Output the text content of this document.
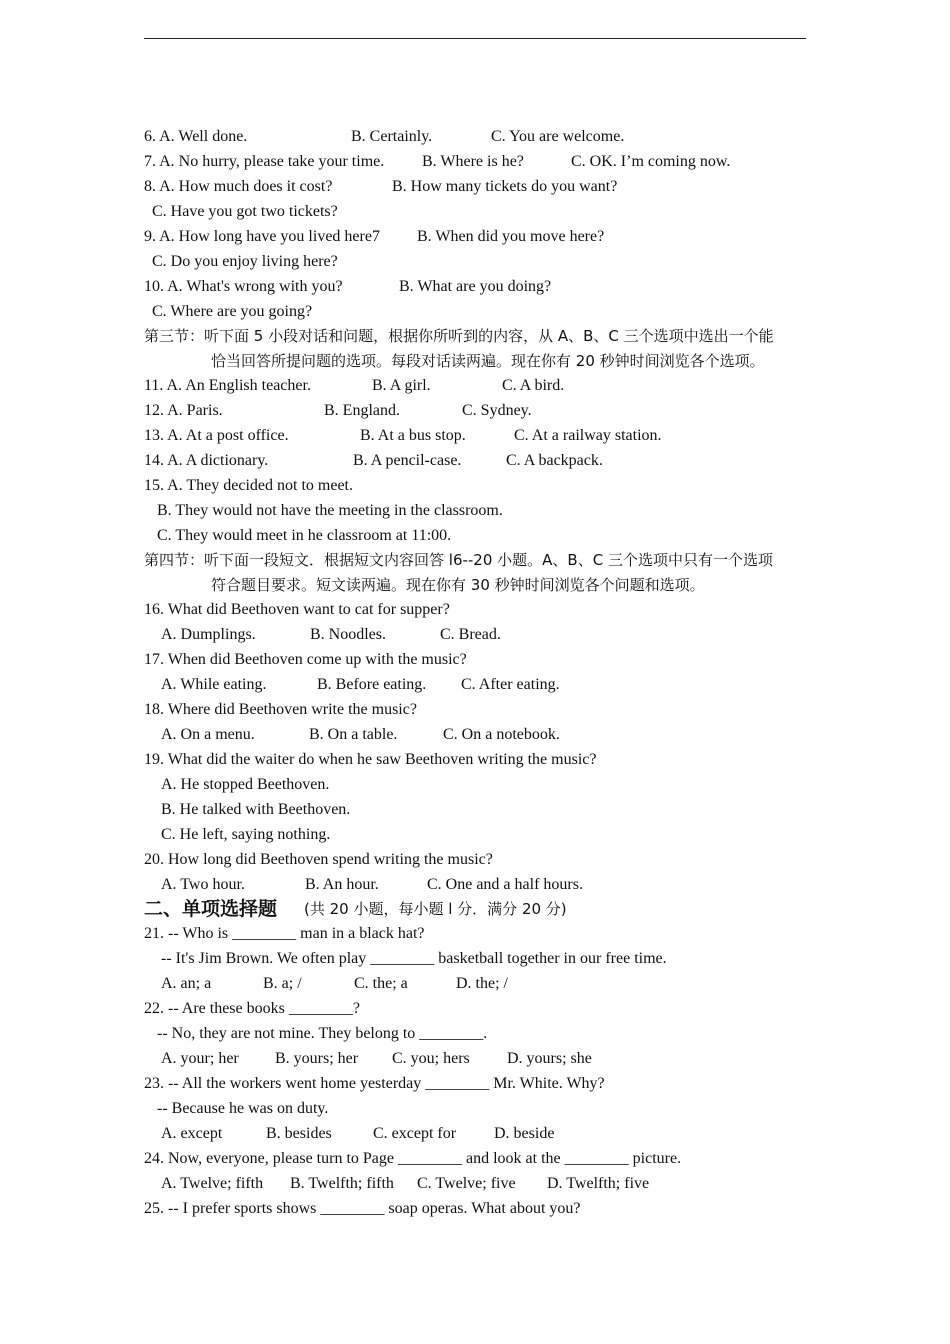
6. A. Well done.	B. Certainly.	C. You are welcome.
7. A. No hurry, please take your time. B. Where is he?	C. OK. I’m coming now.
8. A. How much does it cost?	B. How many tickets do you want?
C. Have you got two tickets?
9. A. How long have you lived here7 B. When did you move here?
C. Do you enjoy living here?
10. A. What's wrong with you?	B. What are you doing?
C. Where are you going?
11. A. An English teacher.	B. A girl.	C. A bird.
12. A. Paris.	B. England.	C. Sydney.
13. A. At a post office.	B. At a bus stop.	C. At a railway station.
14. A. A dictionary.	B. A pencil-case.	C. A backpack.
15. A. They decided not to meet.
B. They would not have the meeting in the classroom.
C. They would meet in he classroom at 11:00.
16. What did Beethoven want to cat for supper?
A. Dumplings.	B. Noodles.	C. Bread.
17. When did Beethoven come up with the music?
A. While eating.	B. Before eating. C. After eating.
18. Where did Beethoven write the music?
A. On a menu.	B. On a table.	C. On a notebook.
19. What did the waiter do when he saw Beethoven writing the music?
A. He stopped Beethoven.
B. He talked with Beethoven.
C. He left, saying nothing.
20. How long did Beethoven spend writing the music?
A. Two hour.	B. An hour.	C. One and a half hours.
21. -- Who is ________ man in a black hat?
-- It's Jim Brown. We often play ________ basketball together in our free time.
A. an; a	B. a; /	C. the; a	D. the; /
22. -- Are these books ________?
-- No, they are not mine. They belong to ________.
A. your; her B. yours; her C. you; hers D. yours; she
23. -- All the workers went home yesterday ________ Mr. White. Why?
-- Because he was on duty.
A. except	B. besides	C. except for D. beside
24. Now, everyone, please turn to Page ________ and look at the ________ picture.
A. Twelve; fifth B. Twelfth; fifth C. Twelve; five D. Twelfth; five
25. -- I prefer sports shows ________ soap operas. What about you?
第三节：听下面 5 小段对话和问题，根据你所听到的内容，从 A、B、C 三个选项中选出一个能
恰当回答所提问题的选项。每段对话读两遍。现在你有 20 秒钟时间浏览各个选项。
第四节：听下面一段短文．根据短文内容回答 l6--20 小题。A、B、C 三个选项中只有一个选项
符合题目要求。短文读两遍。现在你有 30 秒钟时间浏览各个问题和选项。
二、单项选择题 (共 20 小题，每小题 l 分．满分 20 分)
